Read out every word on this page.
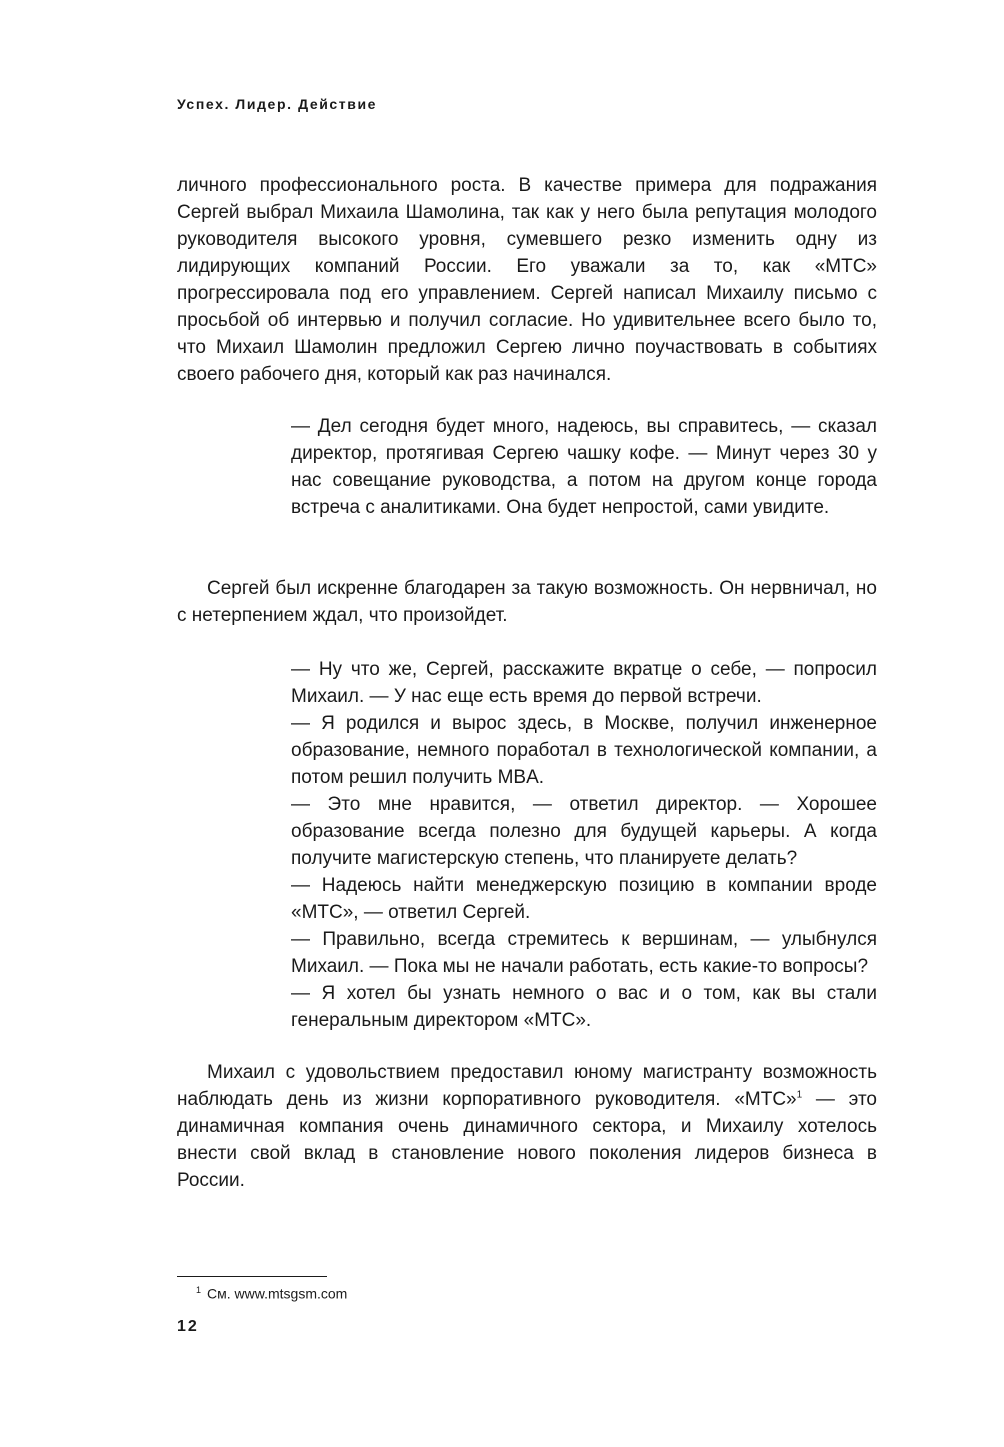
Успех. Лидер. Действие

личного профессионального роста. В качестве примера для подражания Сергей выбрал Михаила Шамолина, так как у него была репутация молодого руководителя высокого уровня, сумевшего резко изменить одну из лидирующих компаний России. Его уважали за то, как «МТС» прогрессировала под его управлением. Сергей написал Михаилу письмо с просьбой об интервью и получил согласие. Но удивительнее всего было то, что Михаил Шамолин предложил Сергею лично поучаствовать в событиях своего рабочего дня, который как раз начинался.

— Дел сегодня будет много, надеюсь, вы справитесь, — сказал директор, протягивая Сергею чашку кофе. — Минут через 30 у нас совещание руководства, а потом на другом конце города встреча с аналитиками. Она будет непростой, сами увидите.

Сергей был искренне благодарен за такую возможность. Он нервничал, но с нетерпением ждал, что произойдет.

— Ну что же, Сергей, расскажите вкратце о себе, — попросил Михаил. — У нас еще есть время до первой встречи.

— Я родился и вырос здесь, в Москве, получил инженерное образование, немного поработал в технологической компании, а потом решил получить MBA.

— Это мне нравится, — ответил директор. — Хорошее образование всегда полезно для будущей карьеры. А когда получите магистерскую степень, что планируете делать?

— Надеюсь найти менеджерскую позицию в компании вроде «МТС», — ответил Сергей.

— Правильно, всегда стремитесь к вершинам, — улыбнулся Михаил. — Пока мы не начали работать, есть какие-то вопросы?

— Я хотел бы узнать немного о вас и о том, как вы стали генеральным директором «МТС».

Михаил с удовольствием предоставил юному магистранту возможность наблюдать день из жизни корпоративного руководителя. «МТС»$^1$ — это динамичная компания очень динамичного сектора, и Михаилу хотелось внести свой вклад в становление нового поколения лидеров бизнеса в России.

$^1$ См. www.mtsgsm.com
12
